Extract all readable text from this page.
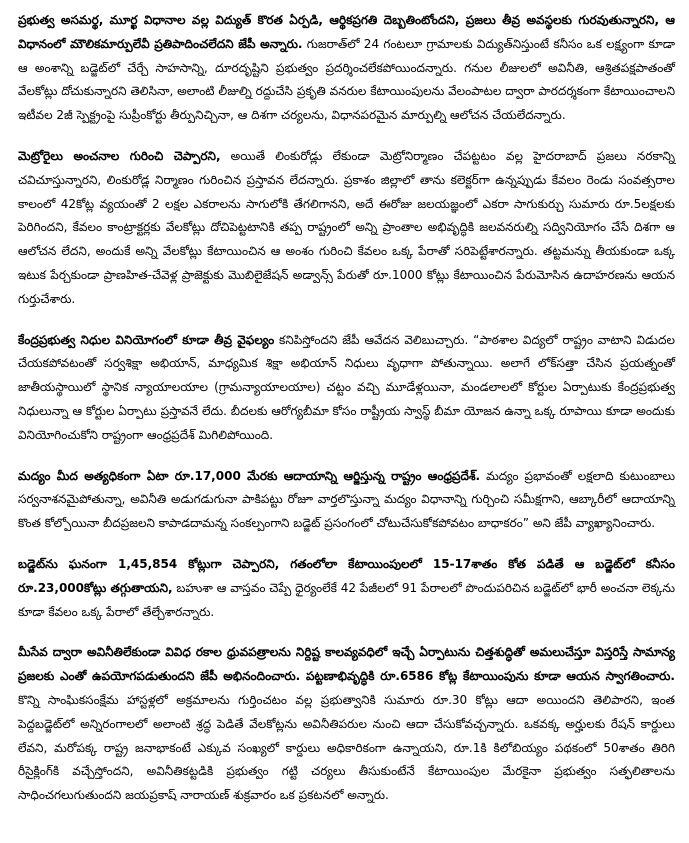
ప్రభుత్వ అసమర్థ, మూర్ఖ విధానాల వల్ల విద్యుత్ కొరత ఏర్పడి, ఆర్థికప్రగతి దెబ్బతింటోందని, ప్రజలు తీవ్ర అవస్థలకు గురవుతున్నారని, ఆ విధానంలో మౌలికమార్పులేవీ ప్రతిపాదించలేదని జేపీ అన్నారు. గుజరాత్‌లో 24 గంటలూ గ్రామాలకు విద్యుత్‌నిస్తుంటే కనీసం ఒక లక్ష్యంగా కూడా ఆ అంశాన్ని బడ్జెట్‌లో చేర్చే సాహసాన్ని, దూరదృష్టిని ప్రభుత్వం ప్రదర్శించలేకపోయిందన్నారు. గనుల లీజులలో అవినీతి, ఆశ్రితపక్షపాతంతో వేలకోట్లు దోచుకున్నారని తెలిసినా, అలాంటి లీజుల్ని రద్దుచేసి ప్రకృతి వనరుల కేటాయింపులను వేలంపాటల ద్వారా పారదర్శకంగా కేటాయించాలని ఇటీవల 2జీ స్పెక్ట్రంపై సుప్రీంకోర్టు తీర్పునిచ్చినా, ఆ దిశగా చర్యలను, విధానపరమైన మార్పుల్ని ఆలోచన చేయలేదన్నారు.

మెట్రోరైలు అంచనాల గురించి చెప్పారని, అయితే లింకురోడ్లు లేకుండా మెట్రోనిర్మాణం చేపట్టటం వల్ల హైదరాబాద్ ప్రజలు నరకాన్ని చవిచూస్తున్నారని, లింకురోడ్ల నిర్మాణం గురించిన ప్రస్తావన లేదన్నారు. ప్రకాశం జిల్లాలో తాను కలెక్టర్‌గా ఉన్నప్పుడు కేవలం రెండు సంవత్సరాల కాలంలో 42కోట్ల వ్యయంతో 2 లక్షల ఎకరాలను సాగులోకి తేగలిగానని, అదే ఈరోజు జలయజ్ఞంలో ఎకరా సాగుకుర్చు సుమారు రూ.5లక్షలకు పెరిగిందని, కేవలం కాంట్రాక్టర్లకు వేలకోట్లు దోచిపెట్టటానికి తప్ప రాష్ట్రంలో అన్ని ప్రాంతాల అభివృద్ధికి జలవనరుల్ని సద్వినియోగం చేసే దిశగా ఆ ఆలోచన లేదని, అందుకే అన్ని వేలకోట్లు కేటాయించిన ఆ అంశం గురించి కేవలం ఒక్క పేరాతో సరిపెట్టేశారన్నారు. తట్టమన్ను తీయకుండా ఒక్క ఇటుక పేర్చకుండా ప్రాణహిత-చేవెళ్ల ప్రాజెక్టుకు మొబిలైజేషన్ అడ్వాన్స్ పేరుతో రూ.1000 కోట్లు కేటాయించిన పేరుమోసిన ఉదాహరణను ఆయన గుర్తుచేశారు.

కేంద్రప్రభుత్వ నిధుల వినియోగంలో కూడా తీవ్ర వైఫల్యం కనిపిస్తోందని జేపీ ఆవేదన వెలిబుచ్చారు. “పాఠశాల విద్యలో రాష్ట్రం వాటాని విడుదల చేయకపోవటంతో సర్వశిక్షా అభియాన్, మాధ్యమిక శిక్షా అభియాన్ నిధులు వృధాగా పోతున్నాయి. అలాగే లోక్‌సత్తా చేసిన ప్రయత్నంతో జాతీయస్థాయిలో స్థానిక న్యాయాలయాల (గ్రామన్యాయాలయాల) చట్టం వచ్చి మూడేళ్లయినా, మండలాలలో కోర్టుల ఏర్పాటుకు కేంద్రప్రభుత్వ నిధులున్నా ఆ కోర్టుల ఏర్పాటు ప్రస్తావనే లేదు. బీదలకు ఆరోగ్యబీమా కోసం రాష్ట్రీయ స్వాస్థ్ బీమా యోజన ఉన్నా ఒక్క రూపాయి కూడా అందుకు వినియోగించుకోని రాష్ట్రంగా ఆంధ్రప్రదేశ్ మిగిలిపోయింది.

మద్యం మీద అత్యధికంగా ఏటా రూ.17,000 మేరకు ఆదాయాన్ని ఆర్జిస్తున్న రాష్ట్రం ఆంధ్రప్రదేశ్. మద్యం ప్రభావంతో లక్షలాది కుటుంబాలు సర్వనాశనమైపోతున్నా, అవినీతి అడుగడుగునా పాకిపట్టు రోజూ వార్తలొస్తున్నా మద్యం విధానాన్ని గుర్చించి సమీక్షగాని, ఆబ్కారీలో ఆదాయాన్ని కొంత కోల్పోయినా బీదప్రజలని కాపాడదామన్న సంకల్పంగాని బడ్జెట్ ప్రసంగంలో చోటుచేసుకోకపోవటం బాధాకరం” అని జేపీ వ్యాఖ్యానించారు.

బడ్జెట్‌ను ఘనంగా 1,45,854 కోట్లుగా చెప్పారని, గతంలోలా కేటాయింపులలో 15-17శాతం కోత పడితే ఆ బడ్జెట్‌లో కనీసం రూ.23,000కోట్లు తగ్గుతాయని, బహుశా ఆ వాస్తవం చెప్పే ధైర్యంలేకే 42 పేజీలలో 91 పేరాలలో పొందుపరిచిన బడ్జెట్‌లో భారీ అంచనా లెక్కను కూడా కేవలం ఒక్క పేరాలో తేల్చేశారన్నారు.

మీసేవ ద్వారా అవినీతిలేకుండా వివిధ రకాల ధ్రువపత్రాలను నిర్దిష్ట కాలవ్యవధిలో ఇచ్చే ఏర్పాటును చిత్తశుద్ధితో అమలుచేస్తూ విస్తరిస్తే సామాన్య ప్రజలకు ఎంతో ఉపయోగపడుతుందని జేపీ అభినందించారు. పట్టణాభివృద్ధికి రూ.6586 కోట్ల కేటాయింపును కూడా ఆయన స్వాగతించారు. కొన్ని సాంఘికసంక్షేమ హాస్టళ్లలో అక్రమాలను గుర్తించటం వల్ల ప్రభుత్వానికి సుమారు రూ.30 కోట్లు ఆదా అయిందని తెలిపారని, ఇంత పెద్దబడ్జెట్‌లో అన్నిరంగాలలో అలాంటి శ్రద్ధ పెడితే వేలకోట్లను అవినీతిపరుల నుంచి ఆదా చేసుకోవచ్చన్నారు. ఒకవక్క అర్హులకు రేషన్ కార్డులు లేవని, మరోపక్క రాష్ట్ర జనాభాకంటే ఎక్కువ సంఖ్యలో కార్డులు అధికారికంగా ఉన్నాయని, రూ.1కి కిలోబియ్యం పథకంలో 50శాతం తిరిగి రీసైక్లింగ్‌కి వచ్చేస్తోందని, అవినీతికట్టడికి ప్రభుత్వం గట్టి చర్యలు తీసుకుంటేనే కేటాయింపుల మేరకైనా ప్రభుత్వం సత్ఫలితాలను సాధించగలుగుతుందని జయప్రకాష్ నారాయణ్ శుక్రవారం ఒక ప్రకటనలో అన్నారు.
